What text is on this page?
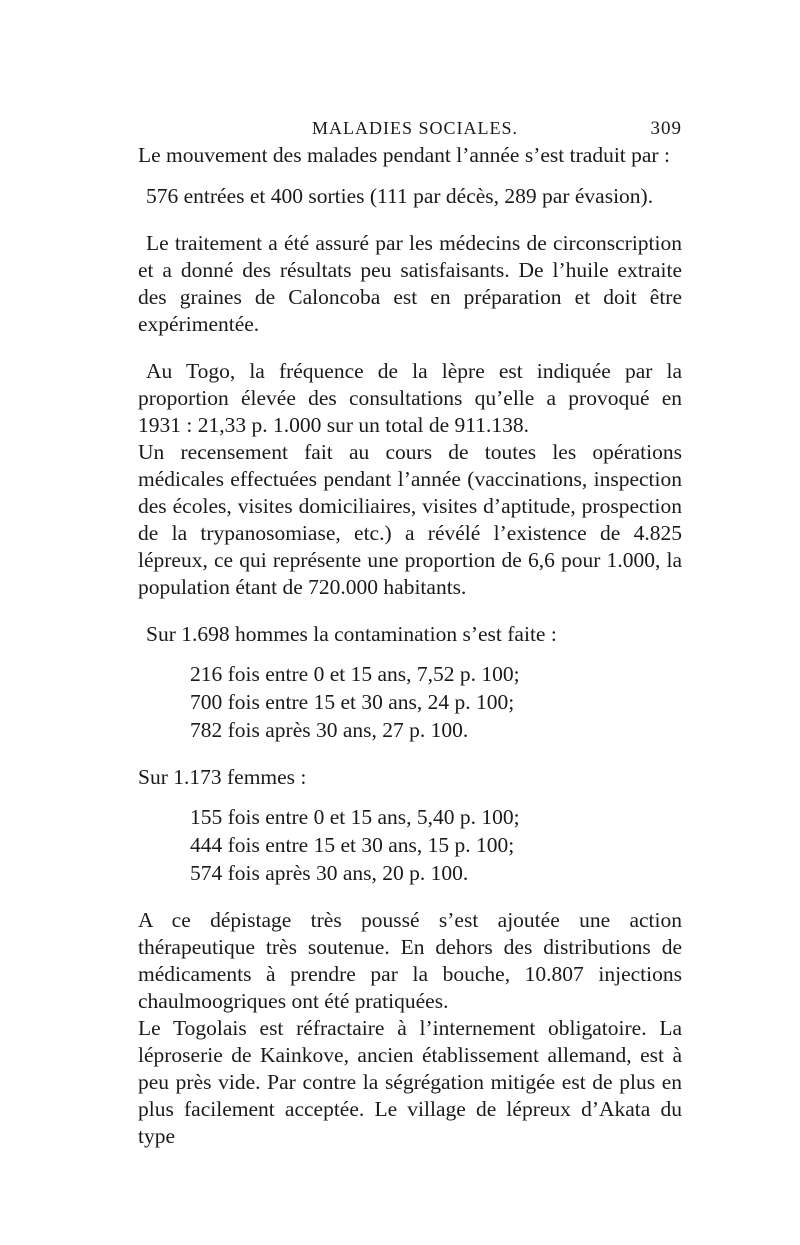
MALADIES SOCIALES.	309

Le mouvement des malades pendant l’année s’est traduit par :

576 entrées et 400 sorties (111 par décès, 289 par évasion).

Le traitement a été assuré par les médecins de circonscription et a donné des résultats peu satisfaisants. De l’huile extraite des graines de Caloncoba est en préparation et doit être expérimentée.

Au Togo, la fréquence de la lèpre est indiquée par la proportion élevée des consultations qu’elle a provoqué en 1931 : 21,33 p. 1.000 sur un total de 911.138.

Un recensement fait au cours de toutes les opérations médicales effectuées pendant l’année (vaccinations, inspection des écoles, visites domiciliaires, visites d’aptitude, prospection de la trypanosomiase, etc.) a révélé l’existence de 4.825 lépreux, ce qui représente une proportion de 6,6 pour 1.000, la population étant de 720.000 habitants.

Sur 1.698 hommes la contamination s’est faite :

216 fois entre 0 et 15 ans, 7,52 p. 100;
700 fois entre 15 et 30 ans, 24 p. 100;
782 fois après 30 ans, 27 p. 100.

Sur 1.173 femmes :

155 fois entre 0 et 15 ans, 5,40 p. 100;
444 fois entre 15 et 30 ans, 15 p. 100;
574 fois après 30 ans, 20 p. 100.

A ce dépistage très poussé s’est ajoutée une action thérapeutique très soutenue. En dehors des distributions de médicaments à prendre par la bouche, 10.807 injections chaulmoogriques ont été pratiquées.

Le Togolais est réfractaire à l’internement obligatoire. La léproserie de Kainkove, ancien établissement allemand, est à peu près vide. Par contre la ségrégation mitigée est de plus en plus facilement acceptée. Le village de lépreux d’Akata du type
